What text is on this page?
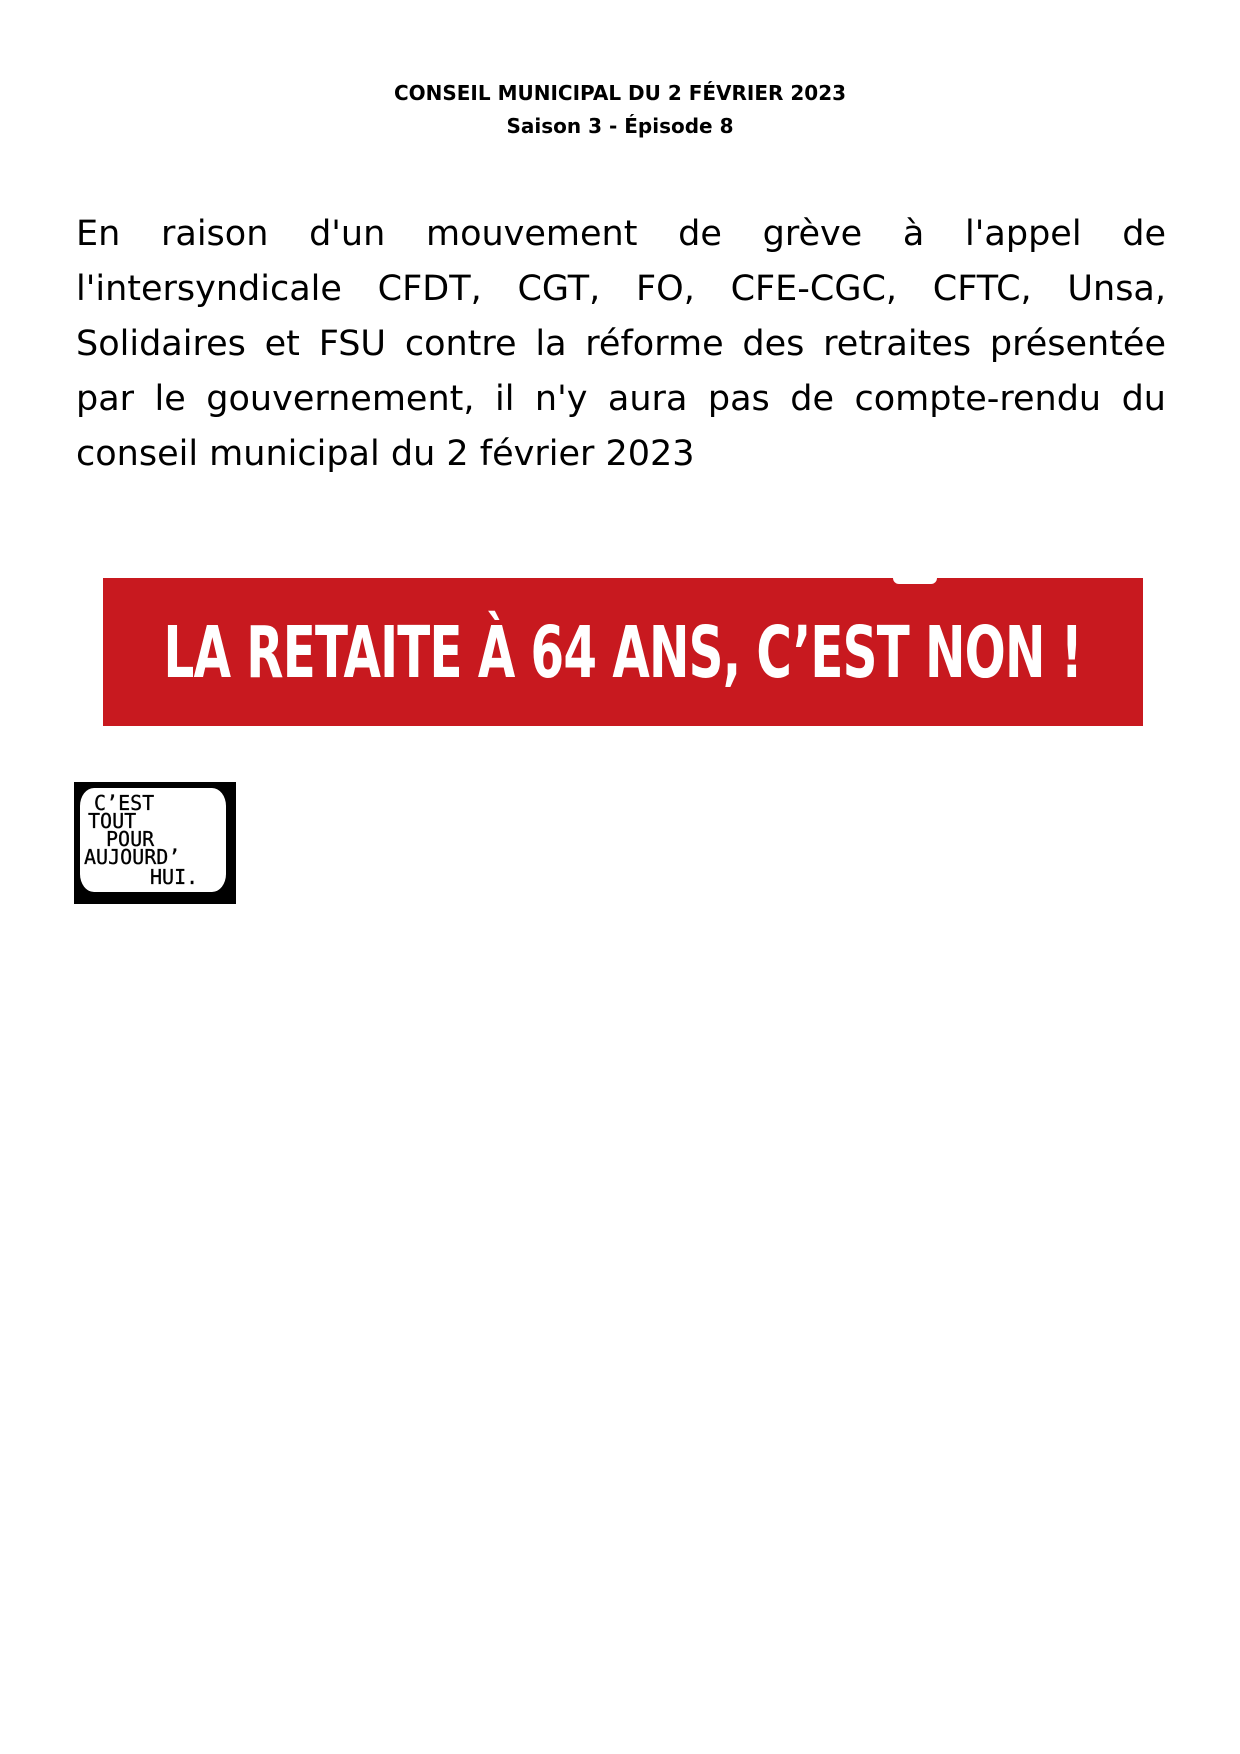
CONSEIL MUNICIPAL DU 2 FÉVRIER 2023
Saison 3 - Épisode 8

En raison d'un mouvement de grève à l'appel de l'intersyndicale CFDT, CGT, FO, CFE-CGC, CFTC, Unsa, Solidaires et FSU contre la réforme des retraites présentée par le gouvernement, il n'y aura pas de compte-rendu du conseil municipal du 2 février 2023

LA RETAITE À 64 ANS, C’EST NON !
C’EST
TOUT
POUR
AUJOURD’
HUI.
